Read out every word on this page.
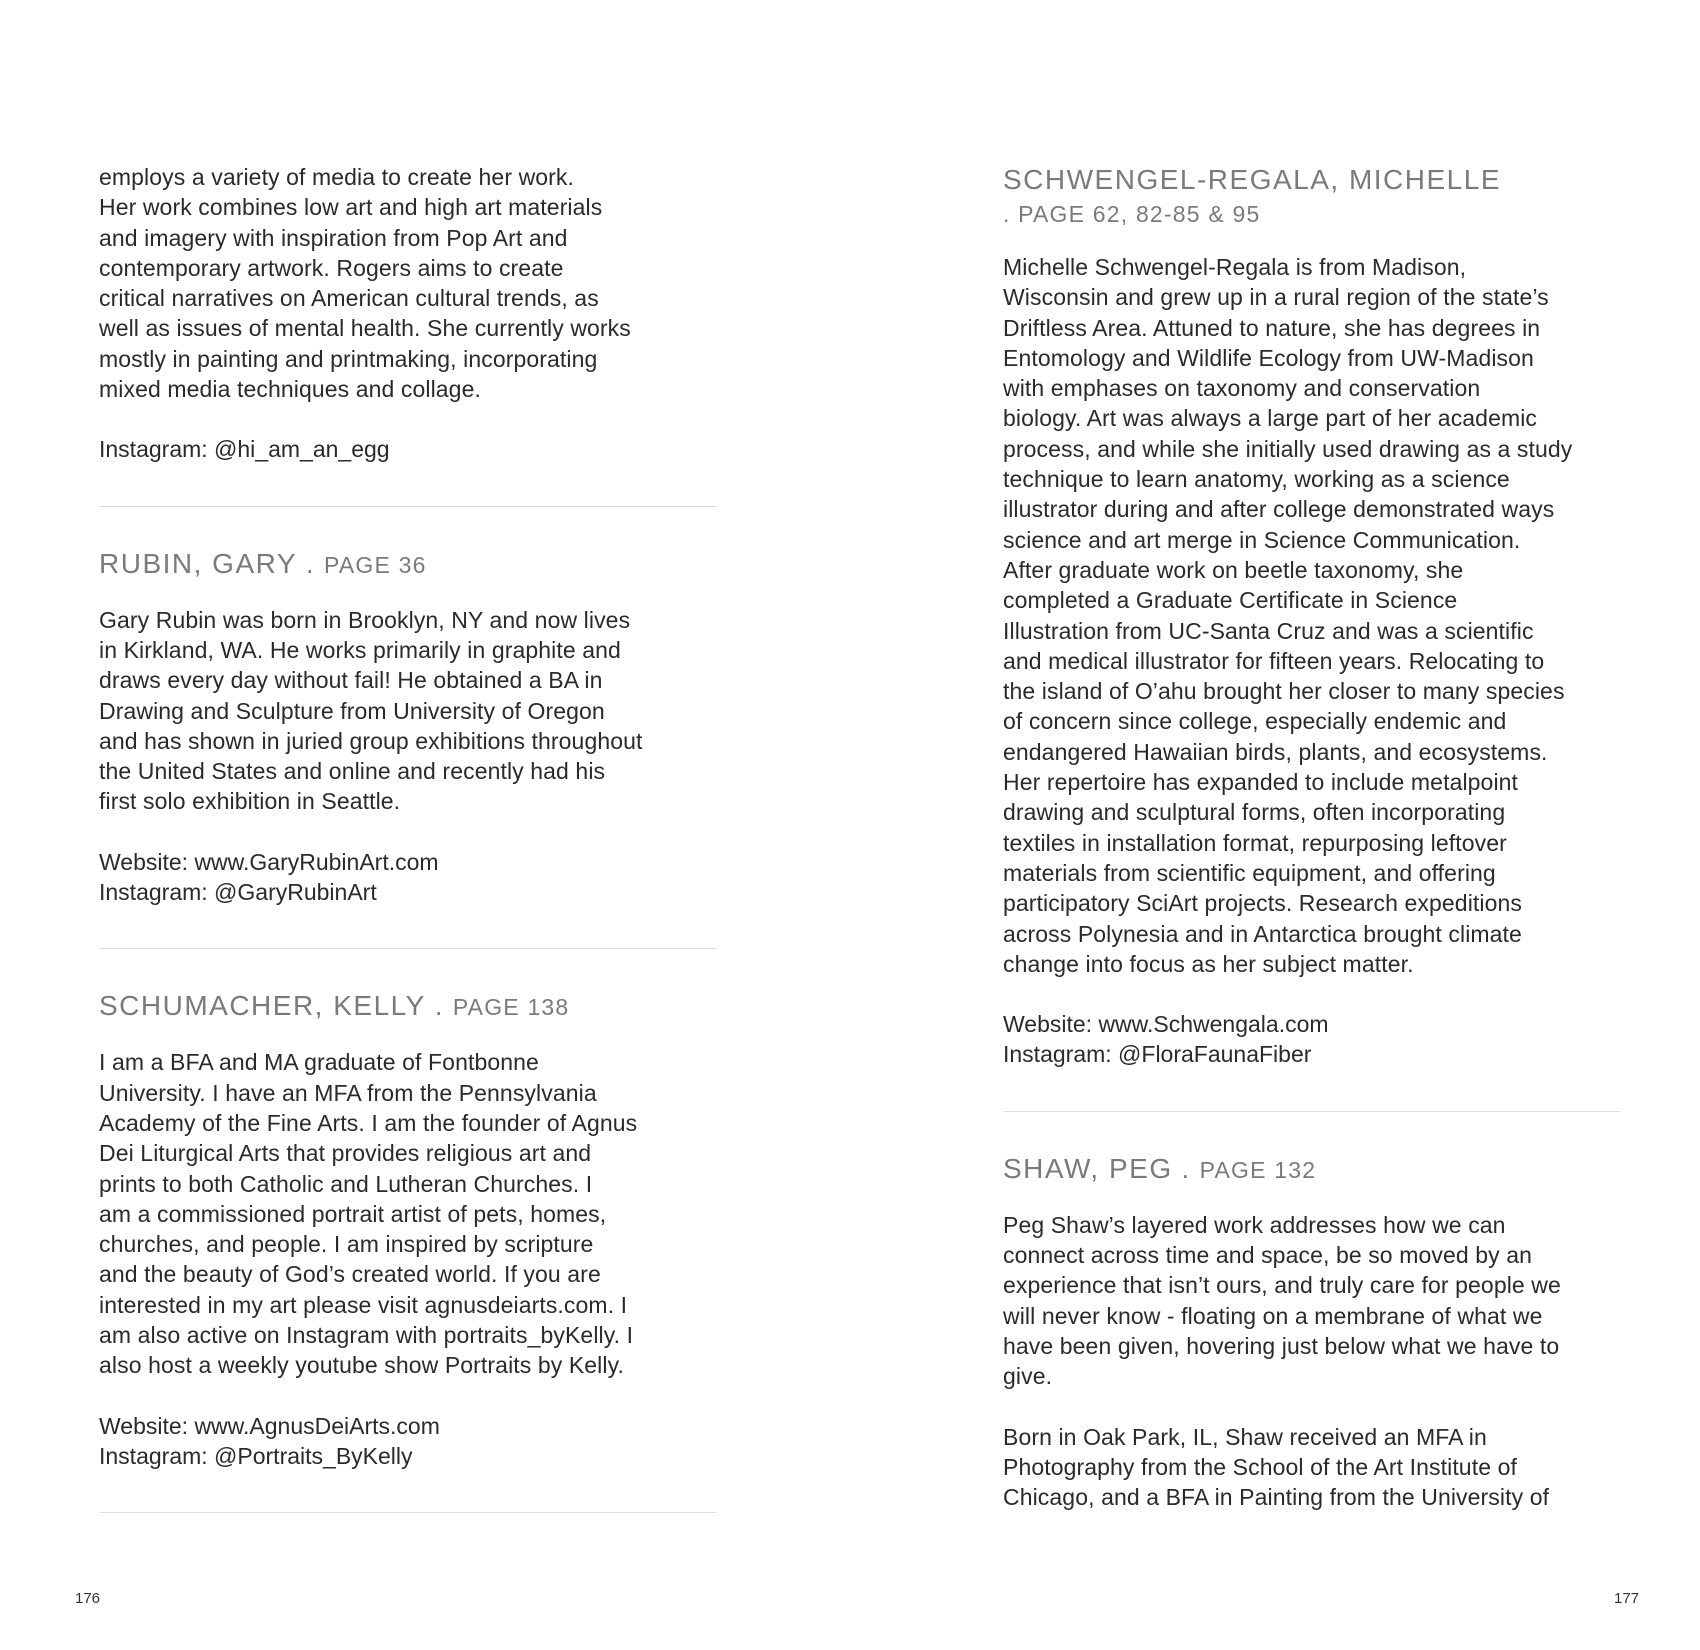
employs a variety of media to create her work.
Her work combines low art and high art materials
and imagery with inspiration from Pop Art and
contemporary artwork. Rogers aims to create
critical narratives on American cultural trends, as
well as issues of mental health. She currently works
mostly in painting and printmaking, incorporating
mixed media techniques and collage.

Instagram: @hi_am_an_egg

RUBIN, GARY . PAGE 36

Gary Rubin was born in Brooklyn, NY and now lives
in Kirkland, WA. He works primarily in graphite and
draws every day without fail! He obtained a BA in
Drawing and Sculpture from University of Oregon
and has shown in juried group exhibitions throughout
the United States and online and recently had his
first solo exhibition in Seattle.

Website: www.GaryRubinArt.com

Instagram: @GaryRubinArt

SCHUMACHER, KELLY . PAGE 138

I am a BFA and MA graduate of Fontbonne
University. I have an MFA from the Pennsylvania
Academy of the Fine Arts. I am the founder of Agnus
Dei Liturgical Arts that provides religious art and
prints to both Catholic and Lutheran Churches. I
am a commissioned portrait artist of pets, homes,
churches, and people. I am inspired by scripture
and the beauty of God’s created world. If you are
interested in my art please visit agnusdeiarts.com. I
am also active on Instagram with portraits_byKelly. I
also host a weekly youtube show Portraits by Kelly.

Website: www.AgnusDeiArts.com

Instagram: @Portraits_ByKelly

SCHWENGEL-REGALA, MICHELLE

. PAGE 62, 82-85 & 95

Michelle Schwengel-Regala is from Madison,
Wisconsin and grew up in a rural region of the state’s
Driftless Area. Attuned to nature, she has degrees in
Entomology and Wildlife Ecology from UW-Madison
with emphases on taxonomy and conservation
biology. Art was always a large part of her academic
process, and while she initially used drawing as a study
technique to learn anatomy, working as a science
illustrator during and after college demonstrated ways
science and art merge in Science Communication.
After graduate work on beetle taxonomy, she
completed a Graduate Certificate in Science
Illustration from UC-Santa Cruz and was a scientific
and medical illustrator for fifteen years. Relocating to
the island of O’ahu brought her closer to many species
of concern since college, especially endemic and
endangered Hawaiian birds, plants, and ecosystems.
Her repertoire has expanded to include metalpoint
drawing and sculptural forms, often incorporating
textiles in installation format, repurposing leftover
materials from scientific equipment, and offering
participatory SciArt projects. Research expeditions
across Polynesia and in Antarctica brought climate
change into focus as her subject matter.

Website: www.Schwengala.com

Instagram: @FloraFaunaFiber

SHAW, PEG . PAGE 132

Peg Shaw’s layered work addresses how we can
connect across time and space, be so moved by an
experience that isn’t ours, and truly care for people we
will never know - floating on a membrane of what we
have been given, hovering just below what we have to
give.

Born in Oak Park, IL, Shaw received an MFA in
Photography from the School of the Art Institute of
Chicago, and a BFA in Painting from the University of

176	177
